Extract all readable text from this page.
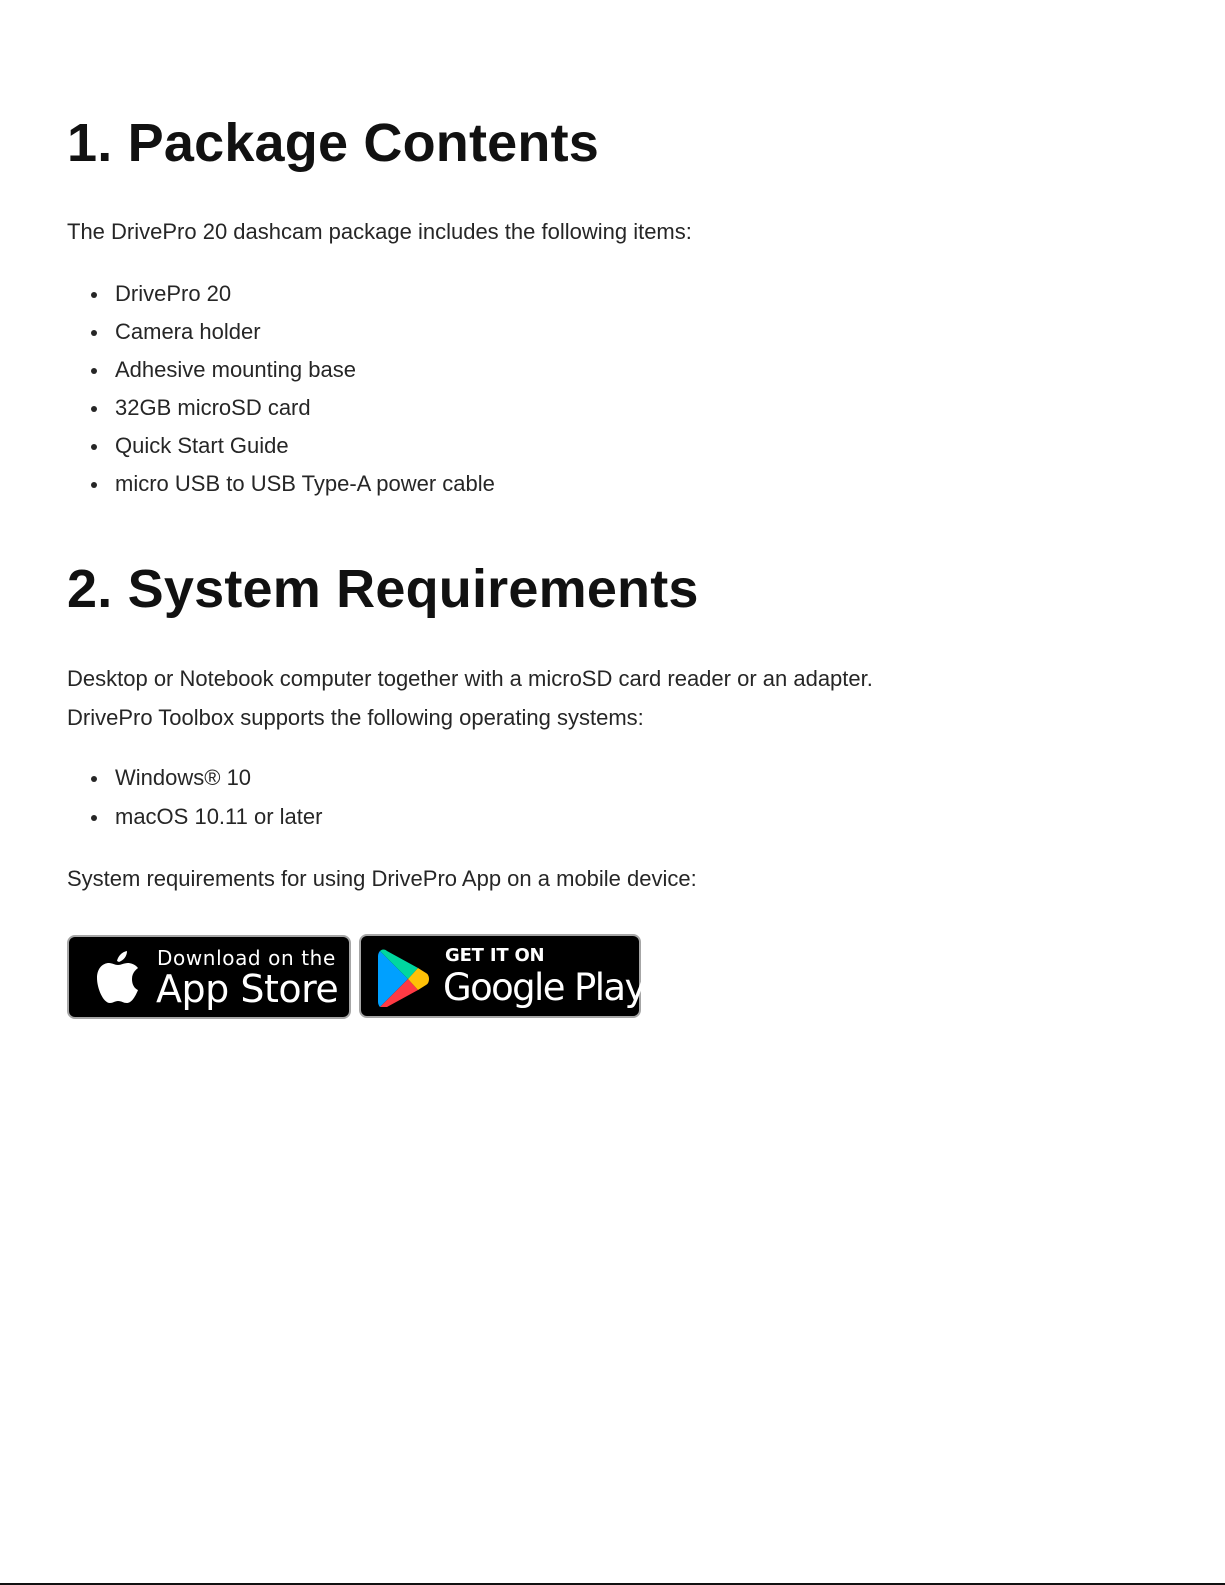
1. Package Contents

The DrivePro 20 dashcam package includes the following items:

DrivePro 20
Camera holder
Adhesive mounting base
32GB microSD card
Quick Start Guide
micro USB to USB Type-A power cable
2. System Requirements

Desktop or Notebook computer together with a microSD card reader or an adapter.

DrivePro Toolbox supports the following operating systems:

Windows® 10
macOS 10.11 or later

System requirements for using DrivePro App on a mobile device:

Download on the
App Store
GET IT ON
Google Play
